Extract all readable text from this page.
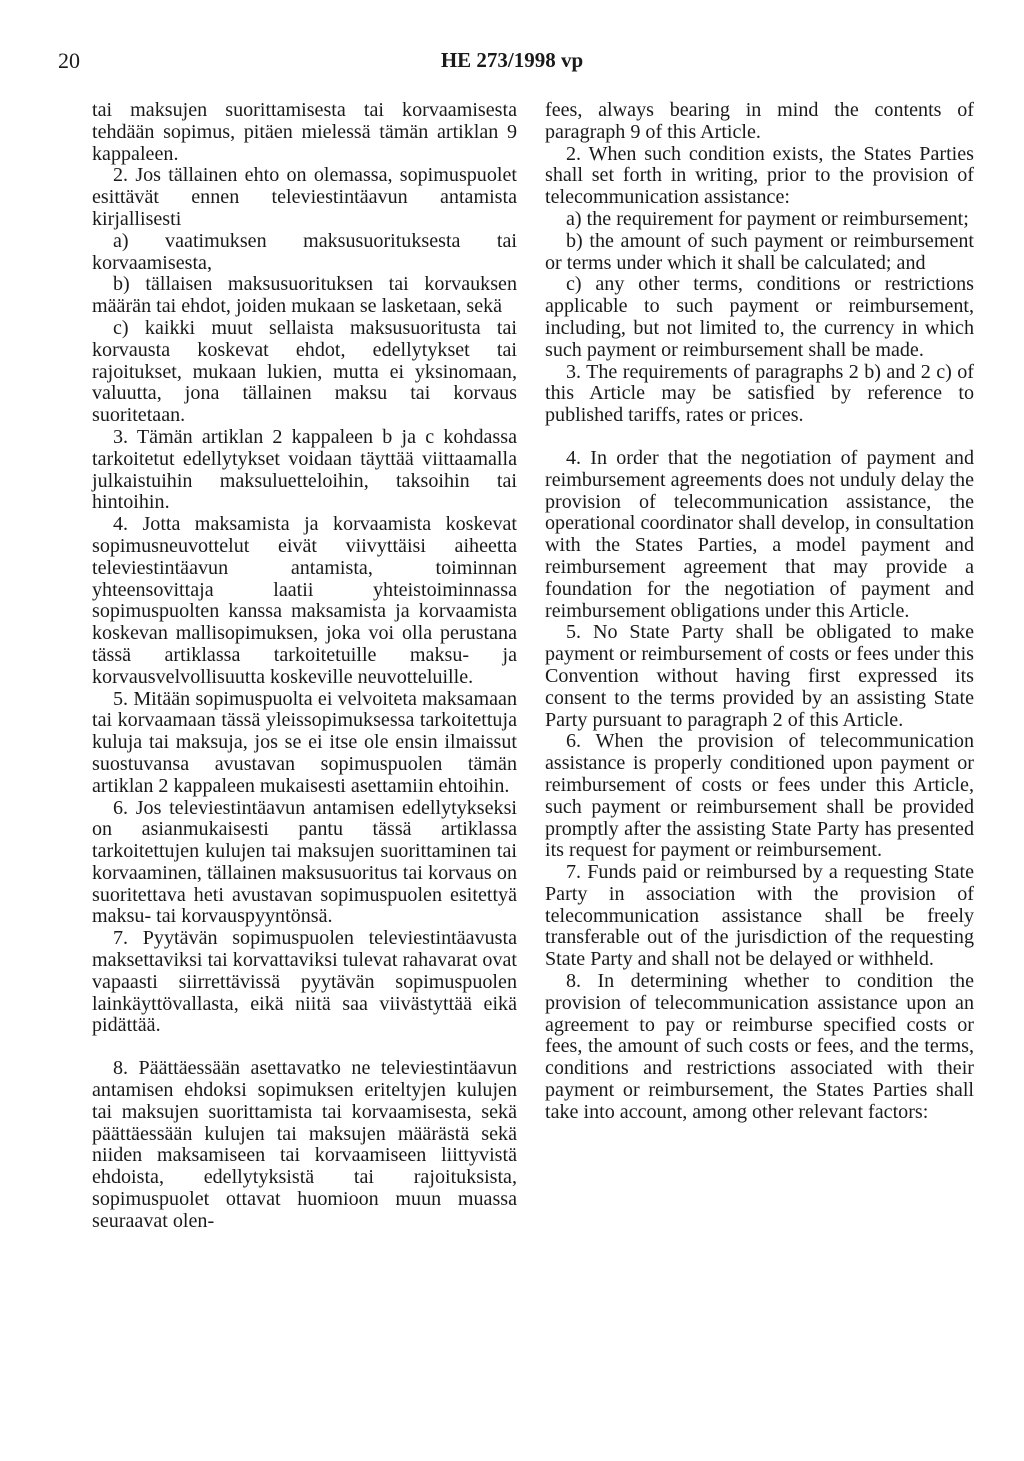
20	HE 273/1998 vp

tai maksujen suorittamisesta tai korvaamisesta tehdään sopimus, pitäen mielessä tämän artiklan 9 kappaleen.

2. Jos tällainen ehto on olemassa, sopimuspuolet esittävät ennen televiestintäavun antamista kirjallisesti

a) vaatimuksen maksusuorituksesta tai korvaamisesta,

b) tällaisen maksusuorituksen tai korvauksen määrän tai ehdot, joiden mukaan se lasketaan, sekä

c) kaikki muut sellaista maksusuoritusta tai korvausta koskevat ehdot, edellytykset tai rajoitukset, mukaan lukien, mutta ei yksinomaan, valuutta, jona tällainen maksu tai korvaus suoritetaan.

3. Tämän artiklan 2 kappaleen b ja c kohdassa tarkoitetut edellytykset voidaan täyttää viittaamalla julkaistuihin maksuluetteloihin, taksoihin tai hintoihin.

4. Jotta maksamista ja korvaamista koskevat sopimusneuvottelut eivät viivyttäisi aiheetta televiestintäavun antamista, toiminnan yhteensovittaja laatii yhteistoiminnassa sopimuspuolten kanssa maksamista ja korvaamista koskevan mallisopimuksen, joka voi olla perustana tässä artiklassa tarkoitetuille maksu- ja korvausvelvollisuutta koskeville neuvotteluille.

5. Mitään sopimuspuolta ei velvoiteta maksamaan tai korvaamaan tässä yleissopimuksessa tarkoitettuja kuluja tai maksuja, jos se ei itse ole ensin ilmaissut suostuvansa avustavan sopimuspuolen tämän artiklan 2 kappaleen mukaisesti asettamiin ehtoihin.

6. Jos televiestintäavun antamisen edellytykseksi on asianmukaisesti pantu tässä artiklassa tarkoitettujen kulujen tai maksujen suorittaminen tai korvaaminen, tällainen maksusuoritus tai korvaus on suoritettava heti avustavan sopimuspuolen esitettyä maksu- tai korvauspyyntönsä.

7. Pyytävän sopimuspuolen televiestintäavusta maksettaviksi tai korvattaviksi tulevat rahavarat ovat vapaasti siirrettävissä pyytävän sopimuspuolen lainkäyttövallasta, eikä niitä saa viivästyttää eikä pidättää.

8. Päättäessään asettavatko ne televiestintäavun antamisen ehdoksi sopimuksen eriteltyjen kulujen tai maksujen suorittamista tai korvaamisesta, sekä päättäessään kulujen tai maksujen määrästä sekä niiden maksamiseen tai korvaamiseen liittyvistä ehdoista, edellytyksistä tai rajoituksista, sopimuspuolet ottavat huomioon muun muassa seuraavat olen-

fees, always bearing in mind the contents of paragraph 9 of this Article.

2. When such condition exists, the States Parties shall set forth in writing, prior to the provision of telecommunication assistance:

a) the requirement for payment or reimbursement;

b) the amount of such payment or reimbursement or terms under which it shall be calculated; and

c) any other terms, conditions or restrictions applicable to such payment or reimbursement, including, but not limited to, the currency in which such payment or reimbursement shall be made.

3. The requirements of paragraphs 2 b) and 2 c) of this Article may be satisfied by reference to published tariffs, rates or prices.

4. In order that the negotiation of payment and reimbursement agreements does not unduly delay the provision of telecommunication assistance, the operational coordinator shall develop, in consultation with the States Parties, a model payment and reimbursement agreement that may provide a foundation for the negotiation of payment and reimbursement obligations under this Article.

5. No State Party shall be obligated to make payment or reimbursement of costs or fees under this Convention without having first expressed its consent to the terms provided by an assisting State Party pursuant to paragraph 2 of this Article.

6. When the provision of telecommunication assistance is properly conditioned upon payment or reimbursement of costs or fees under this Article, such payment or reimbursement shall be provided promptly after the assisting State Party has presented its request for payment or reimbursement.

7. Funds paid or reimbursed by a requesting State Party in association with the provision of telecommunication assistance shall be freely transferable out of the jurisdiction of the requesting State Party and shall not be delayed or withheld.

8. In determining whether to condition the provision of telecommunication assistance upon an agreement to pay or reimburse specified costs or fees, the amount of such costs or fees, and the terms, conditions and restrictions associated with their payment or reimbursement, the States Parties shall take into account, among other relevant factors:
